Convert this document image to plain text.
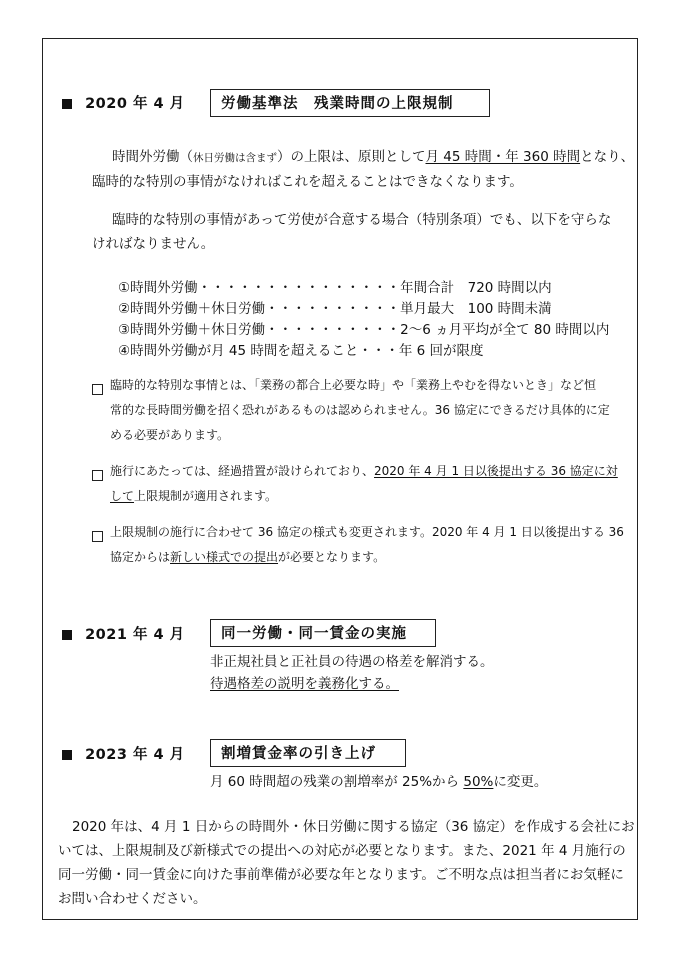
2020 年 4 月	労働基準法　残業時間の上限規制
時間外労働（休日労働は含まず）の上限は、原則として月 45 時間・年 360 時間となり、
臨時的な特別の事情がなければこれを超えることはできなくなります。
臨時的な特別の事情があって労使が合意する場合（特別条項）でも、以下を守らな
ければなりません。
①時間外労働・・・・・・・・・・・・・・・年間合計　720 時間以内
②時間外労働＋休日労働・・・・・・・・・・単月最大　100 時間未満
③時間外労働＋休日労働・・・・・・・・・・2〜6 ヵ月平均が全て 80 時間以内
④時間外労働が月 45 時間を超えること・・・年 6 回が限度
臨時的な特別な事情とは、「業務の都合上必要な時」や「業務上やむを得ないとき」など恒
常的な長時間労働を招く恐れがあるものは認められません。36 協定にできるだけ具体的に定
める必要があります。
施行にあたっては、経過措置が設けられており、2020 年 4 月 1 日以後提出する 36 協定に対
して上限規制が適用されます。
上限規制の施行に合わせて 36 協定の様式も変更されます。2020 年 4 月 1 日以後提出する 36
協定からは新しい様式での提出が必要となります。
2021 年 4 月	同一労働・同一賃金の実施
非正規社員と正社員の待遇の格差を解消する。
待遇格差の説明を義務化する。
2023 年 4 月	割増賃金率の引き上げ
月 60 時間超の残業の割増率が 25%から 50%に変更。
2020 年は、4 月 1 日からの時間外・休日労働に関する協定（36 協定）を作成する会社にお
いては、上限規制及び新様式での提出への対応が必要となります。また、2021 年 4 月施行の
同一労働・同一賃金に向けた事前準備が必要な年となります。ご不明な点は担当者にお気軽に
お問い合わせください。
